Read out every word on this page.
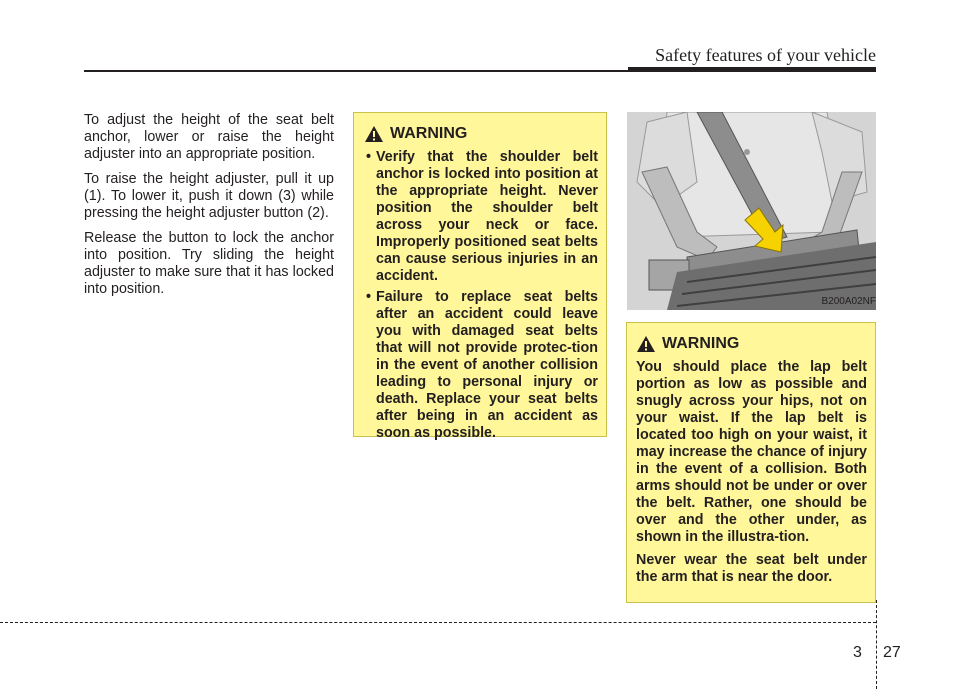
Safety features of your vehicle

To adjust the height of the seat belt anchor, lower or raise the height adjuster into an appropriate position.

To raise the height adjuster, pull it up (1). To lower it, push it down (3) while pressing the height adjuster button (2).

Release the button to lock the anchor into position. Try sliding the height adjuster to make sure that it has locked into position.

WARNING
• Verify that the shoulder belt anchor is locked into position at the appropriate height. Never position the shoulder belt across your neck or face. Improperly positioned seat belts can cause serious injuries in an accident.
• Failure to replace seat belts after an accident could leave you with damaged seat belts that will not provide protec-tion in the event of another collision leading to personal injury or death. Replace your seat belts after being in an accident as soon as possible.
B200A02NF
WARNING

You should place the lap belt portion as low as possible and snugly across your hips, not on your waist. If the lap belt is located too high on your waist, it may increase the chance of injury in the event of a collision. Both arms should not be under or over the belt. Rather, one should be over and the other under, as shown in the illustra-tion.

Never wear the seat belt under the arm that is near the door.

3 27
